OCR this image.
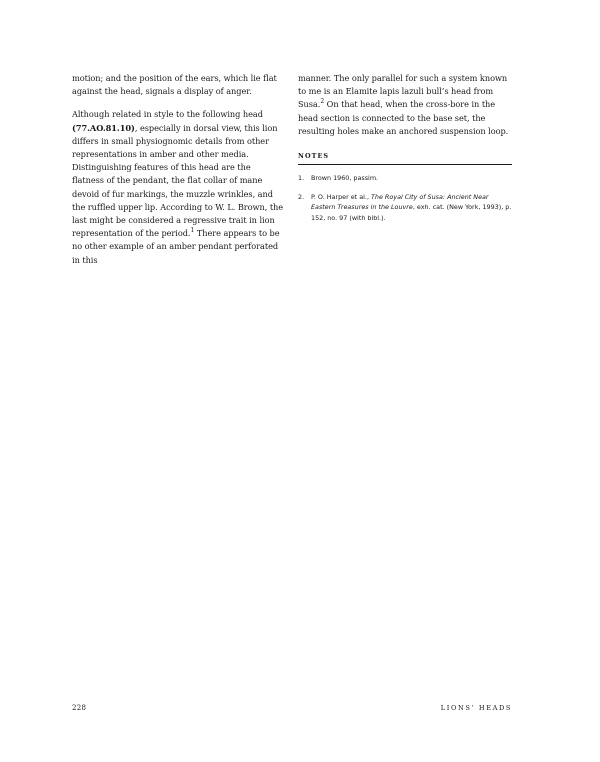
motion; and the position of the ears, which lie flat against the head, signals a display of anger.

Although related in style to the following head (77.AO.81.10), especially in dorsal view, this lion differs in small physiognomic details from other representations in amber and other media. Distinguishing features of this head are the flatness of the pendant, the flat collar of mane devoid of fur markings, the muzzle wrinkles, and the ruffled upper lip. According to W. L. Brown, the last might be considered a regressive trait in lion representation of the period.$^1$ There appears to be no other example of an amber pendant perforated in this

manner. The only parallel for such a system known to me is an Elamite lapis lazuli bull’s head from Susa.$^2$ On that head, when the cross-bore in the head section is connected to the base set, the resulting holes make an anchored suspension loop.

NOTES
1. Brown 1960, passim.
2. P. O. Harper et al., The Royal City of Susa: Ancient Near Eastern Treasures in the Louvre, exh. cat. (New York, 1993), p. 152, no. 97 (with bibl.).
228	LIONS’ HEADS
